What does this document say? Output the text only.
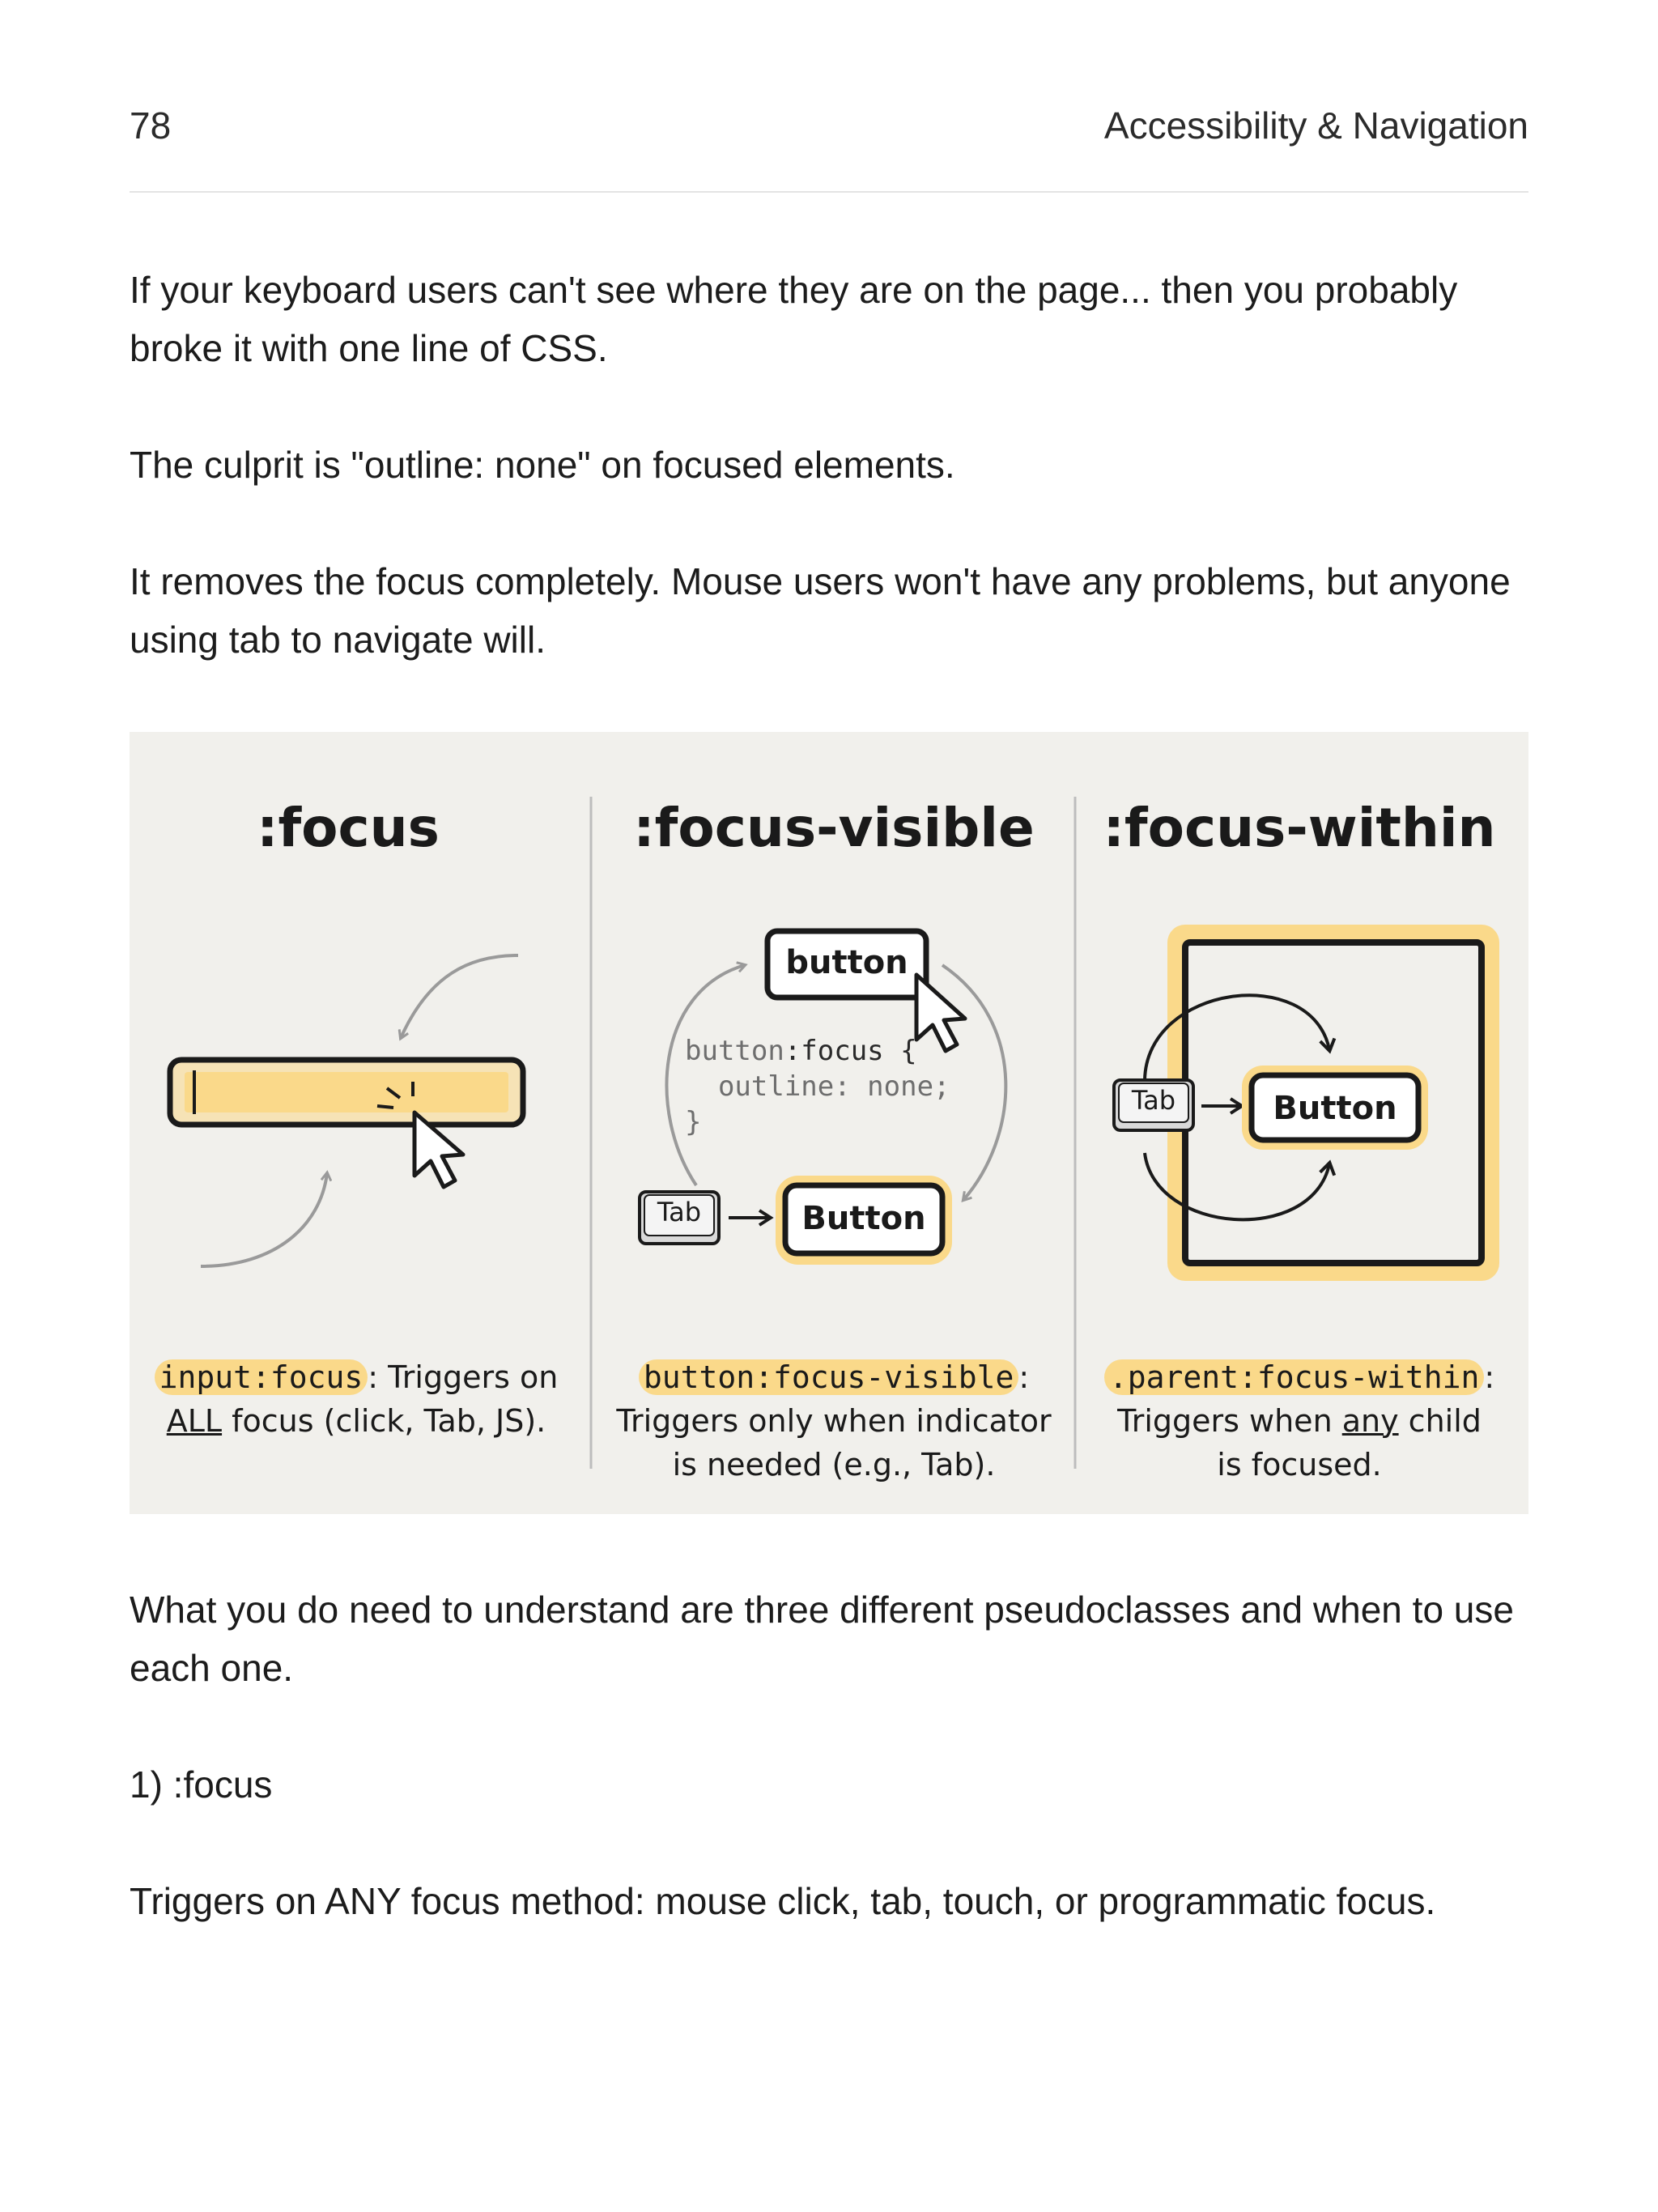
78	Accessibility & Navigation

If your keyboard users can't see where they are on the page... then you probably broke it with one line of CSS.

The culprit is "outline: none" on focused elements.

It removes the focus completely. Mouse users won't have any problems, but anyone using tab to navigate will.

:focus	:focus-visible	:focus-within
button
button:focus {
outline: none;
}
Tab	Button
Tab	Button
input:focus : Triggers on
ALL focus (click, Tab, JS).
button:focus-visible :
Triggers only when indicator
is needed (e.g., Tab).
.parent:focus-within :
Triggers when any child
is focused.

What you do need to understand are three different pseudoclasses and when to use each one.

1) :focus

Triggers on ANY focus method: mouse click, tab, touch, or programmatic focus.
